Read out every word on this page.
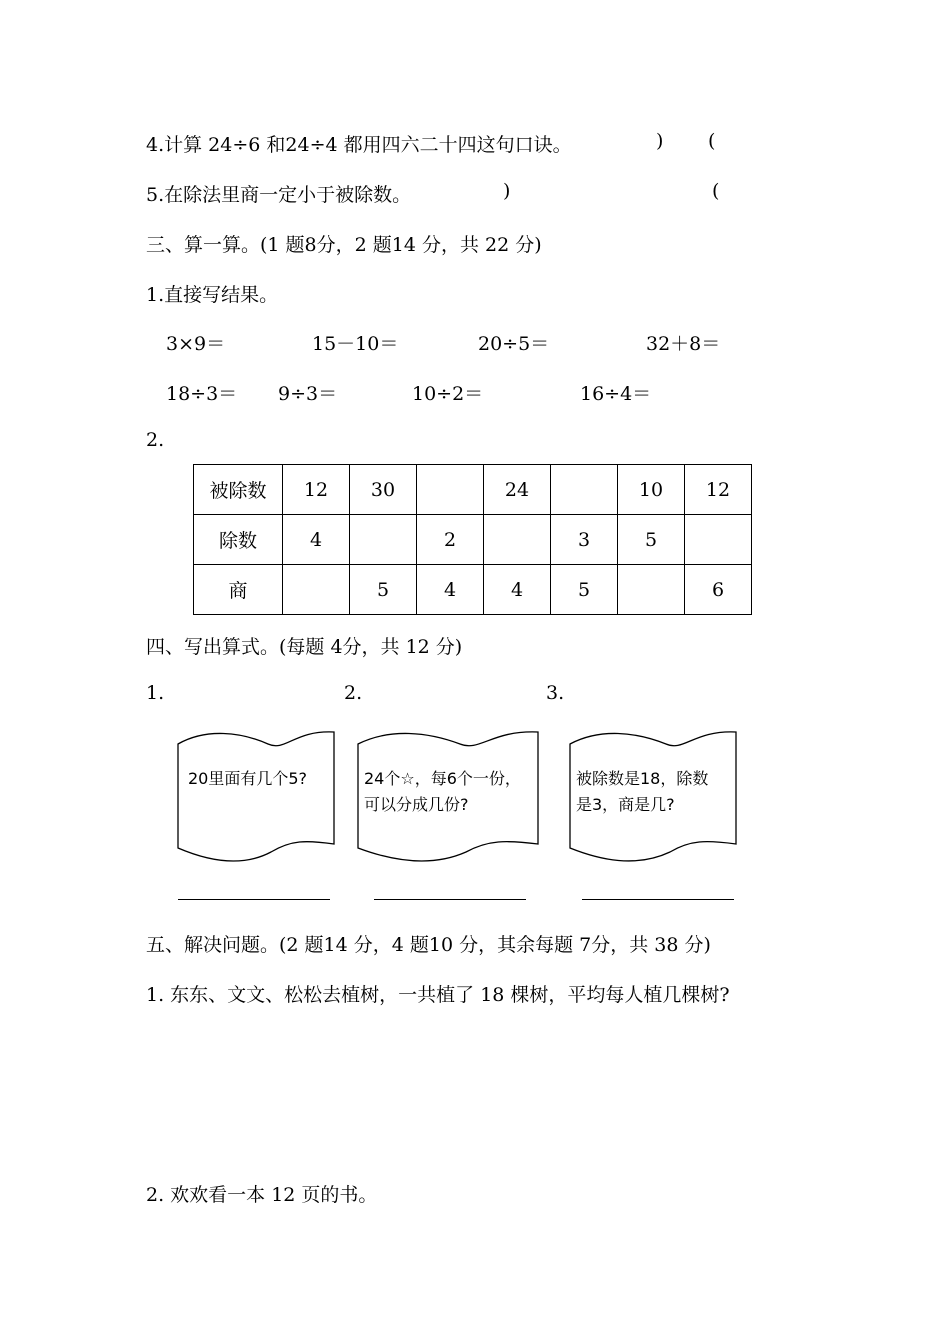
4.计算 24÷6 和24÷4 都用四六二十四这句口诀。	) (
5.在除法里商一定小于被除数。	)	(
三、算一算。(1 题8分，2 题14 分，共 22 分)
1.直接写结果。
3×9＝	15－10＝	20÷5＝	32＋8＝
18÷3＝ 9÷3＝	10÷2＝	16÷4＝
2.
被除数	12	30		24		10	12
除数	4		2		3	5	
商		5	4	4	5		6
四、写出算式。(每题 4分，共 12 分)
1.	2.	3.
20里面有几个5?	24个☆，每6个一份，
可以分成几份?
被除数是18，除数
是3，商是几?
五、解决问题。(2 题14 分，4 题10 分，其余每题 7分，共 38 分)
1. 东东、文文、松松去植树，一共植了 18 棵树，平均每人植几棵树?
2. 欢欢看一本 12 页的书。
